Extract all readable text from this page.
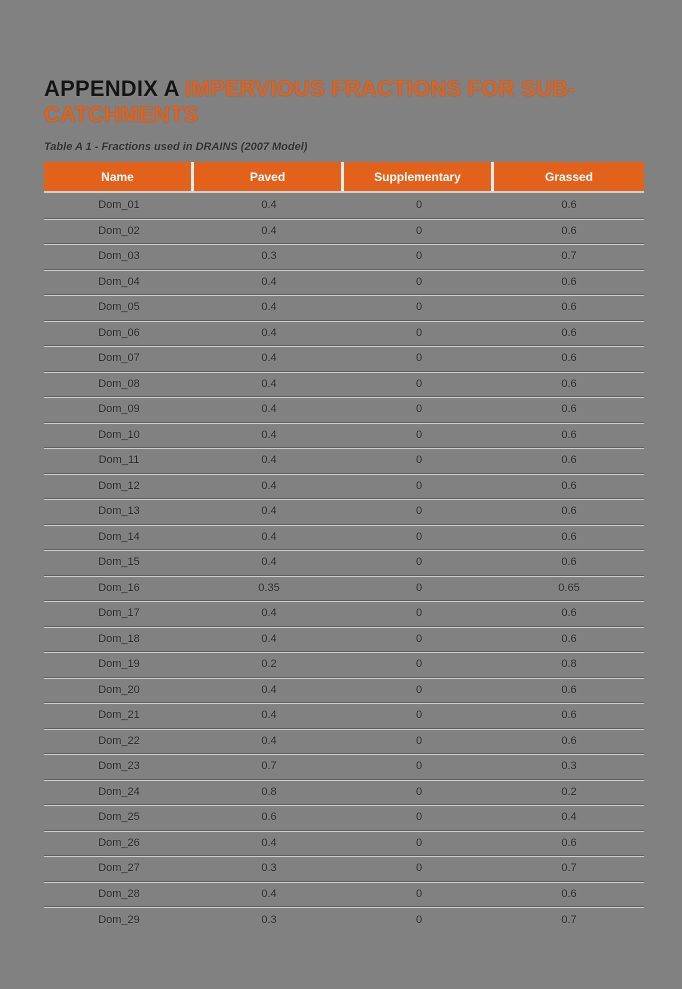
APPENDIX A IMPERVIOUS FRACTIONS FOR SUB-CATCHMENTS

Table A 1 - Fractions used in DRAINS (2007 Model)

Name	Paved	Supplementary	Grassed
Dom_01	0.4	0	0.6
Dom_02	0.4	0	0.6
Dom_03	0.3	0	0.7
Dom_04	0.4	0	0.6
Dom_05	0.4	0	0.6
Dom_06	0.4	0	0.6
Dom_07	0.4	0	0.6
Dom_08	0.4	0	0.6
Dom_09	0.4	0	0.6
Dom_10	0.4	0	0.6
Dom_11	0.4	0	0.6
Dom_12	0.4	0	0.6
Dom_13	0.4	0	0.6
Dom_14	0.4	0	0.6
Dom_15	0.4	0	0.6
Dom_16	0.35	0	0.65
Dom_17	0.4	0	0.6
Dom_18	0.4	0	0.6
Dom_19	0.2	0	0.8
Dom_20	0.4	0	0.6
Dom_21	0.4	0	0.6
Dom_22	0.4	0	0.6
Dom_23	0.7	0	0.3
Dom_24	0.8	0	0.2
Dom_25	0.6	0	0.4
Dom_26	0.4	0	0.6
Dom_27	0.3	0	0.7
Dom_28	0.4	0	0.6
Dom_29	0.3	0	0.7
